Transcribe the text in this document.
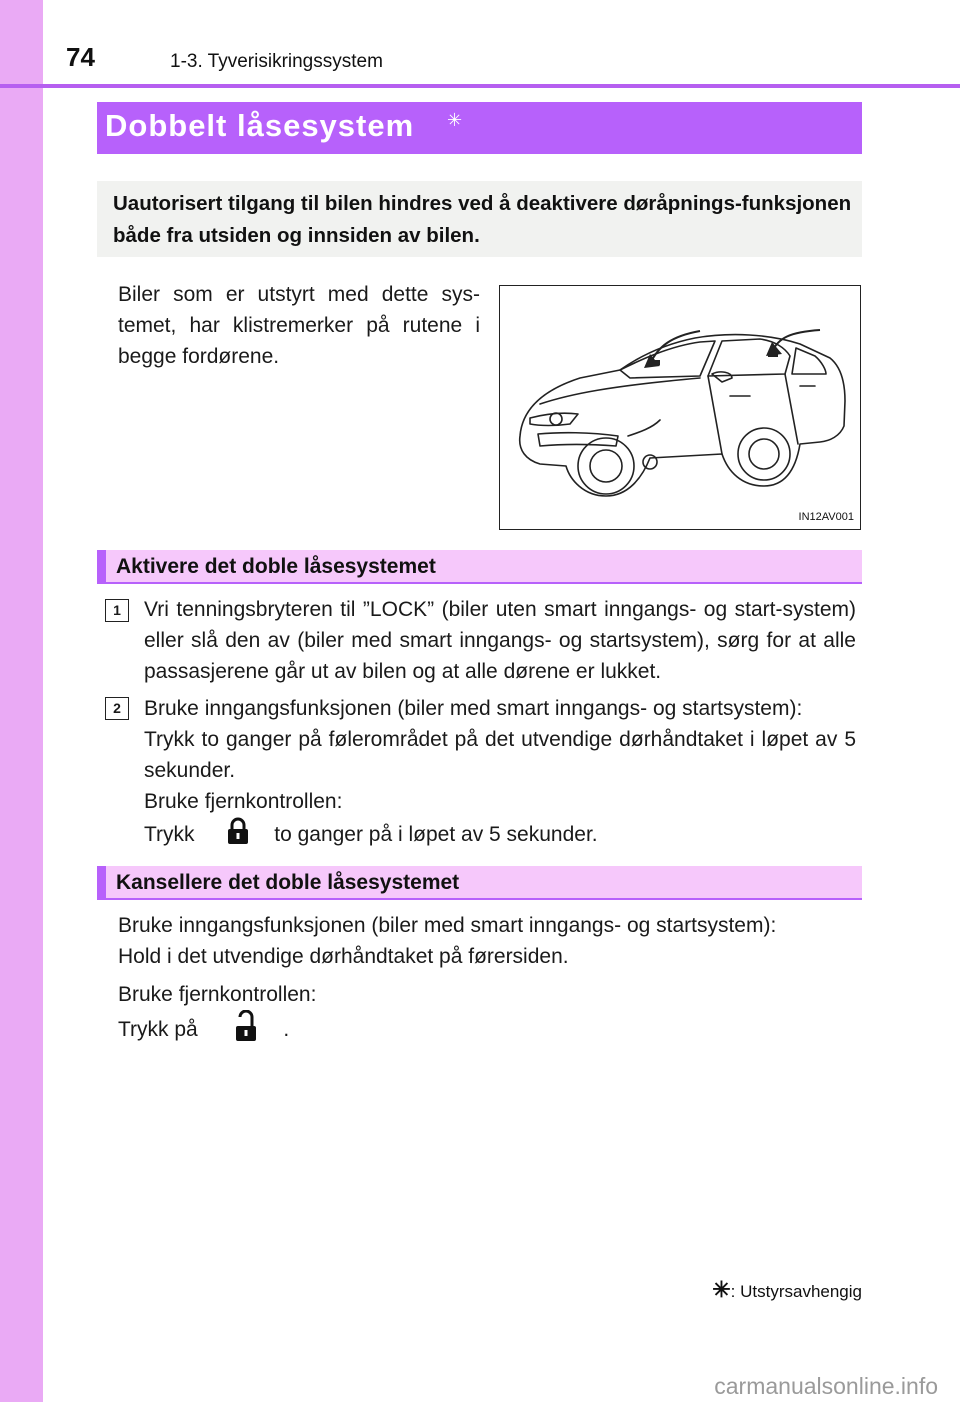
74	1-3. Tyverisikringssystem
Dobbelt låsesystem ✳
Uautorisert tilgang til bilen hindres ved å deaktivere døråpnings-funksjonen både fra utsiden og innsiden av bilen.
Biler som er utstyrt med dette sys-temet, har klistremerker på rutene i begge fordørene.
IN12AV001
Aktivere det doble låsesystemet
1	Vri tenningsbryteren til ”LOCK” (biler uten smart inngangs- og start-system) eller slå den av (biler med smart inngangs- og startsystem), sørg for at alle passasjerene går ut av bilen og at alle dørene er lukket.
2	Bruke inngangsfunksjonen (biler med smart inngangs- og startsystem):
Trykk to ganger på følerområdet på det utvendige dørhåndtaket i løpet av 5 sekunder.
Bruke fjernkontrollen:
Trykk	to ganger på i løpet av 5 sekunder.
Kansellere det doble låsesystemet
Bruke inngangsfunksjonen (biler med smart inngangs- og startsystem):
Hold i det utvendige dørhåndtaket på førersiden.
Bruke fjernkontrollen:
Trykk på	.
✳: Utstyrsavhengig
carmanualsonline.info
